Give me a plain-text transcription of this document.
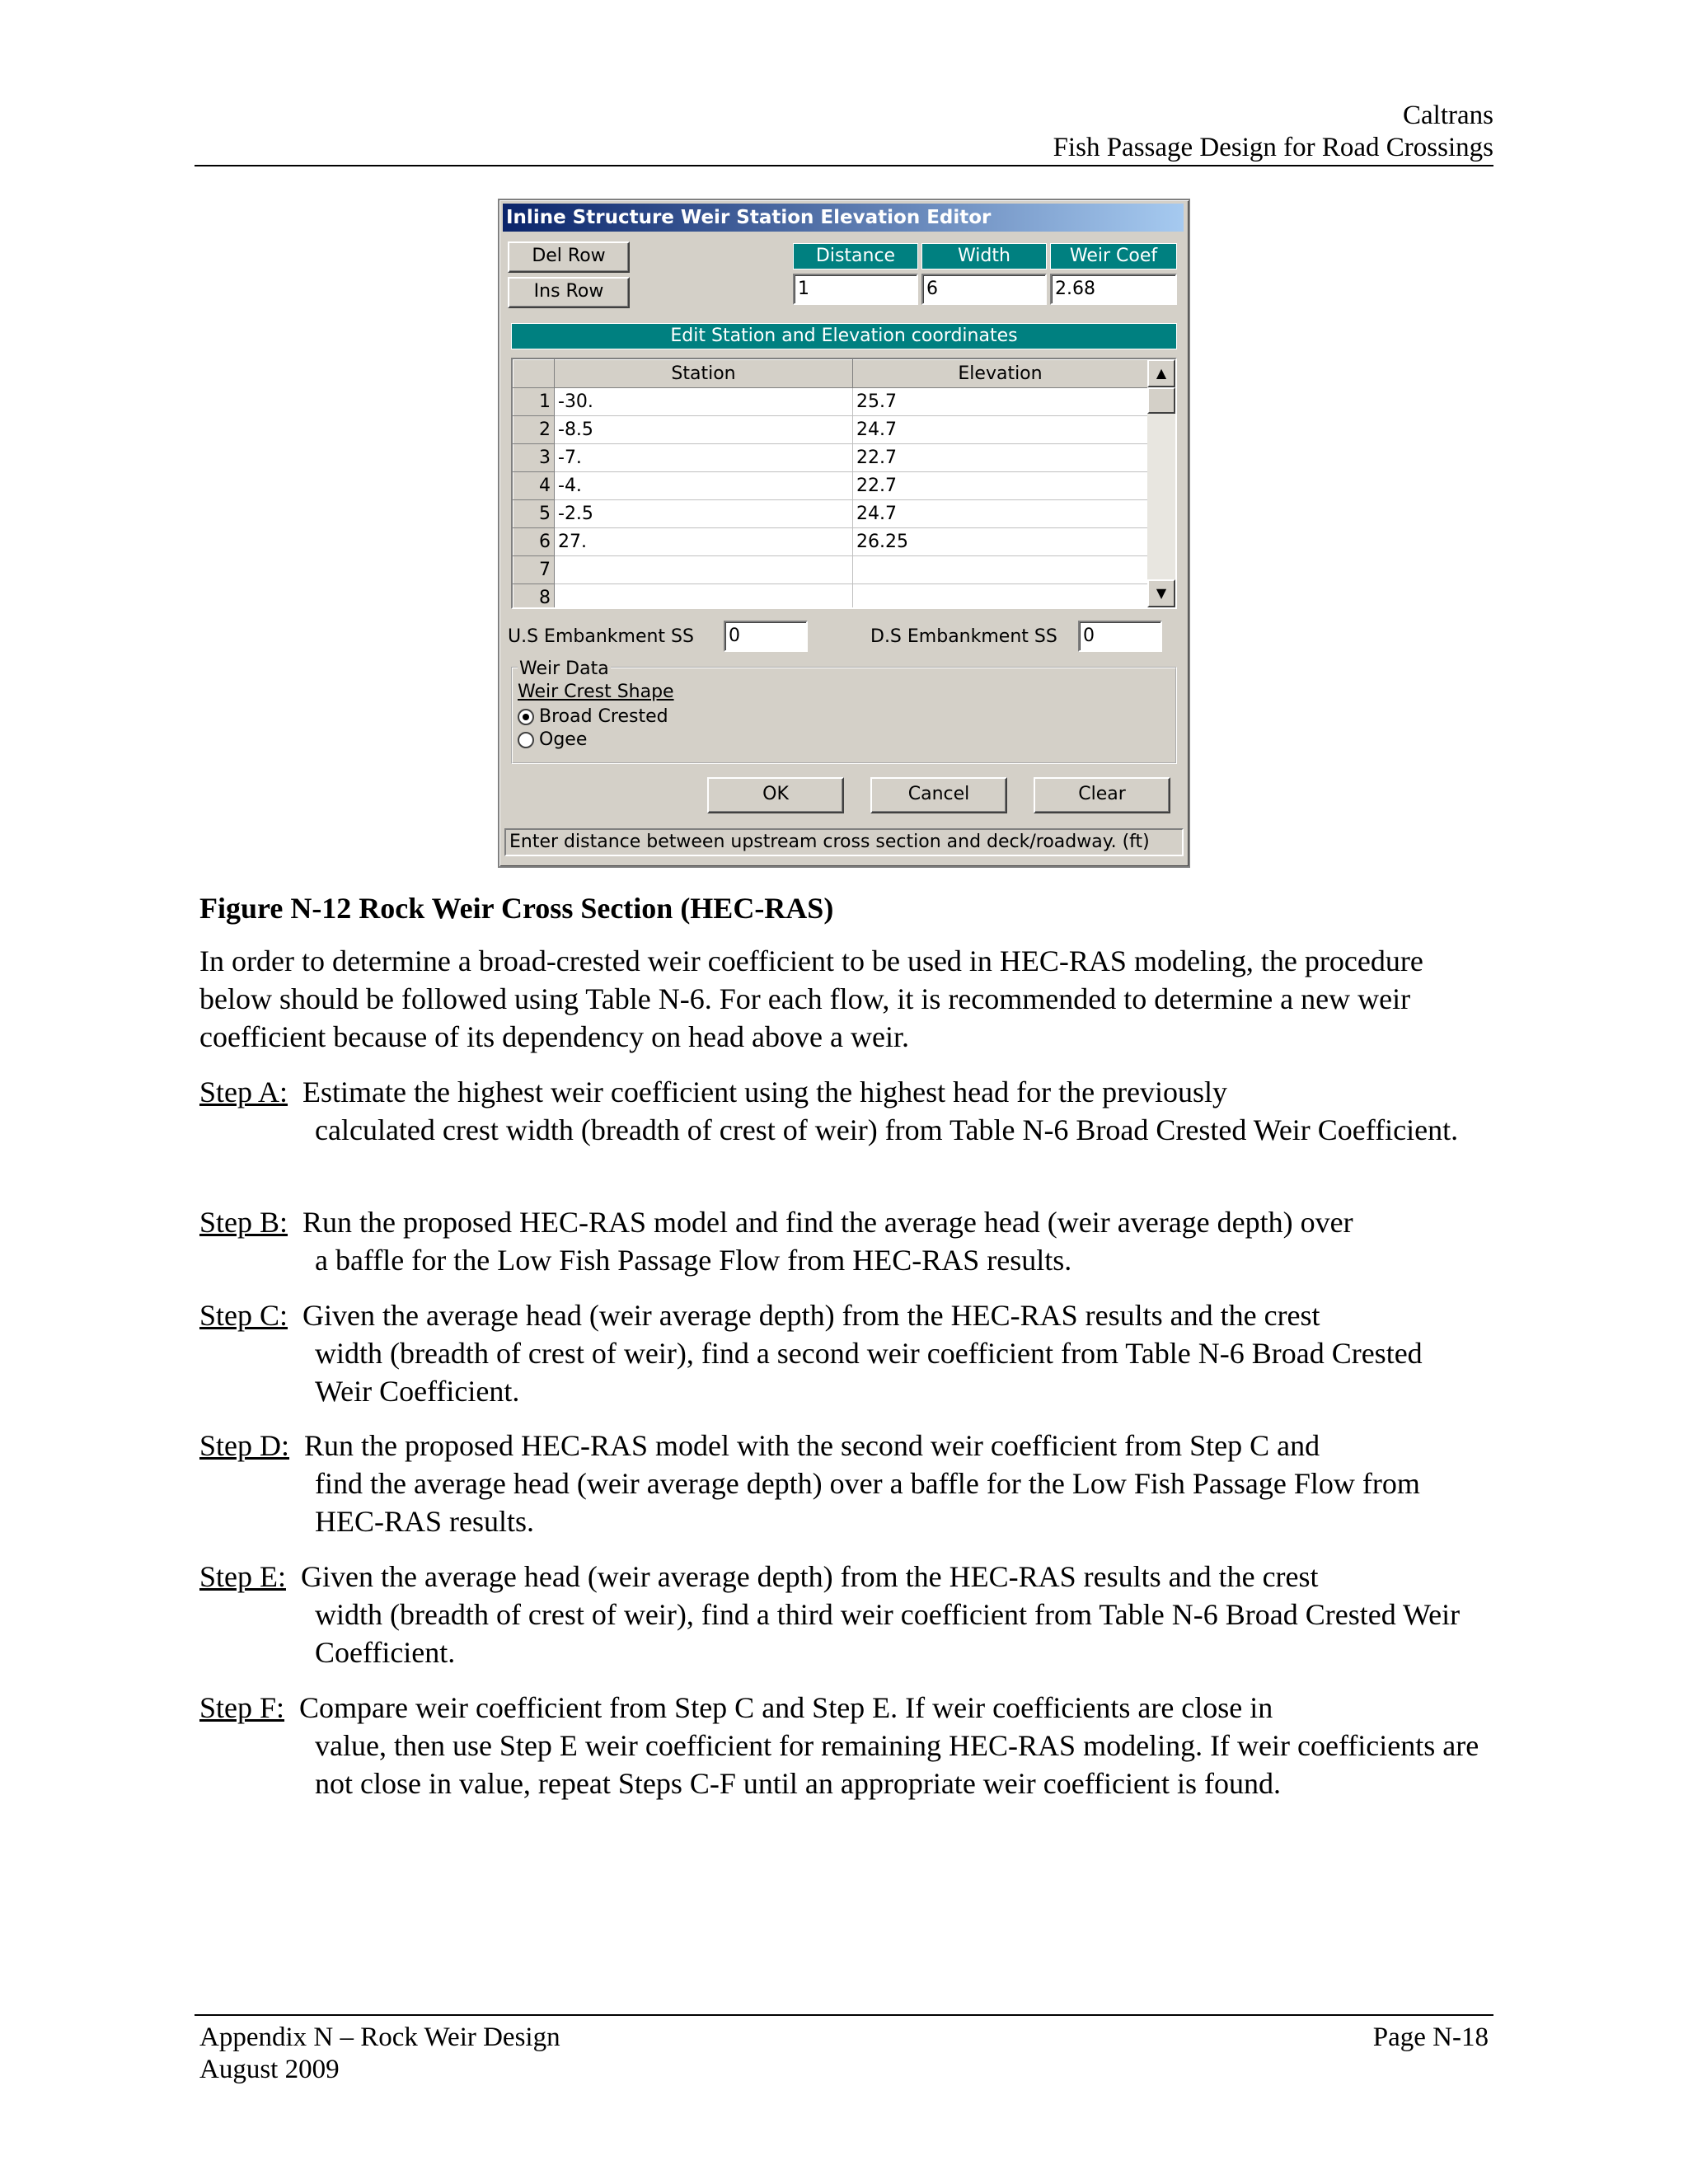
Caltrans
Fish Passage Design for Road Crossings
Inline Structure Weir Station Elevation Editor
Del Row
Ins Row
Distance	Width	Weir Coef
1	6	2.68
Edit Station and Elevation coordinates
	Station	Elevation
1	-30.	25.7
2	-8.5	24.7
3	-7.	22.7
4	-4.	22.7
5	-2.5	24.7
6	27.	26.25
7		
8		
▲
▼
U.S Embankment SS 0	D.S Embankment SS 0
Weir Data
Weir Crest Shape
Broad Crested
Ogee
OK	Cancel	Clear
Enter distance between upstream cross section and deck/roadway. (ft)
Figure N-12 Rock Weir Cross Section (HEC-RAS)
In order to determine a broad-crested weir coefficient to be used in HEC-RAS modeling, the procedure below should be followed using Table N-6. For each flow, it is recommended to determine a new weir coefficient because of its dependency on head above a weir.
Step A: Estimate the highest weir coefficient using the highest head for the previously
calculated crest width (breadth of crest of weir) from Table N-6 Broad Crested Weir Coefficient.
Step B: Run the proposed HEC-RAS model and find the average head (weir average depth) over
a baffle for the Low Fish Passage Flow from HEC-RAS results.
Step C: Given the average head (weir average depth) from the HEC-RAS results and the crest
width (breadth of crest of weir), find a second weir coefficient from Table N-6 Broad Crested Weir Coefficient.
Step D: Run the proposed HEC-RAS model with the second weir coefficient from Step C and
find the average head (weir average depth) over a baffle for the Low Fish Passage Flow from HEC-RAS results.
Step E: Given the average head (weir average depth) from the HEC-RAS results and the crest
width (breadth of crest of weir), find a third weir coefficient from Table N-6 Broad Crested Weir Coefficient.
Step F: Compare weir coefficient from Step C and Step E. If weir coefficients are close in
value, then use Step E weir coefficient for remaining HEC-RAS modeling. If weir coefficients are not close in value, repeat Steps C-F until an appropriate weir coefficient is found.
Appendix N – Rock Weir Design
August 2009
Page N-18
